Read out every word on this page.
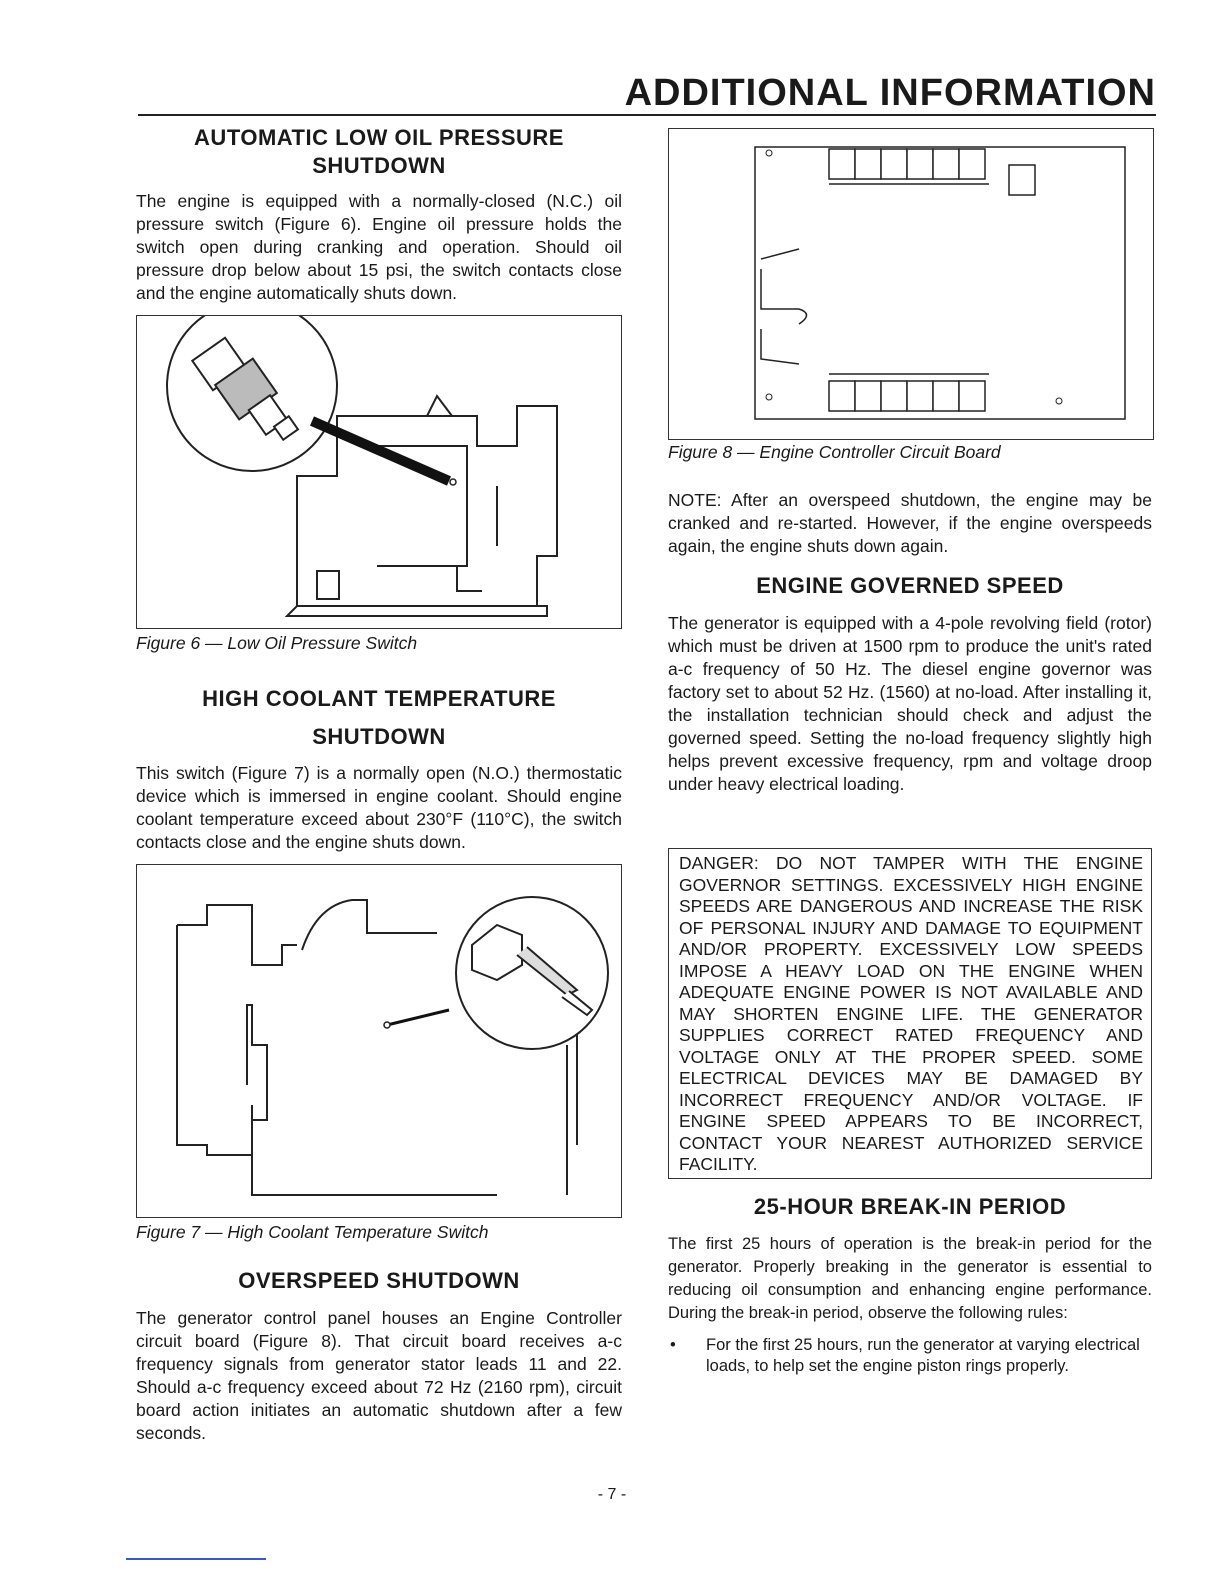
ADDITIONAL INFORMATION
AUTOMATIC LOW OIL PRESSURE
SHUTDOWN

The engine is equipped with a normally-closed (N.C.) oil pressure switch (Figure 6). Engine oil pressure holds the switch open during cranking and operation. Should oil pressure drop below about 15 psi, the switch contacts close and the engine automatically shuts down.

Figure 6 — Low Oil Pressure Switch
HIGH COOLANT TEMPERATURE
SHUTDOWN

This switch (Figure 7) is a normally open (N.O.) thermostatic device which is immersed in engine coolant. Should engine coolant temperature exceed about 230°F (110°C), the switch contacts close and the engine shuts down.

Figure 7 — High Coolant Temperature Switch
OVERSPEED SHUTDOWN

The generator control panel houses an Engine Controller circuit board (Figure 8). That circuit board receives a-c frequency signals from generator stator leads 11 and 22. Should a-c frequency exceed about 72 Hz (2160 rpm), circuit board action initiates an automatic shutdown after a few seconds.

Figure 8 — Engine Controller Circuit Board

NOTE: After an overspeed shutdown, the engine may be cranked and re-started. However, if the engine overspeeds again, the engine shuts down again.

ENGINE GOVERNED SPEED

The generator is equipped with a 4-pole revolving field (rotor) which must be driven at 1500 rpm to produce the unit's rated a-c frequency of 50 Hz. The diesel engine governor was factory set to about 52 Hz. (1560) at no-load. After installing it, the installation technician should check and adjust the governed speed. Setting the no-load frequency slightly high helps prevent excessive frequency, rpm and voltage droop under heavy electrical loading.

DANGER: DO NOT TAMPER WITH THE ENGINE GOVERNOR SETTINGS. EXCESSIVELY HIGH ENGINE SPEEDS ARE DANGEROUS AND INCREASE THE RISK OF PERSONAL INJURY AND DAMAGE TO EQUIPMENT AND/OR PROPERTY. EXCESSIVELY LOW SPEEDS IMPOSE A HEAVY LOAD ON THE ENGINE WHEN ADEQUATE ENGINE POWER IS NOT AVAILABLE AND MAY SHORTEN ENGINE LIFE. THE GENERATOR SUPPLIES CORRECT RATED FREQUENCY AND VOLTAGE ONLY AT THE PROPER SPEED. SOME ELECTRICAL DEVICES MAY BE DAMAGED BY INCORRECT FREQUENCY AND/OR VOLTAGE. IF ENGINE SPEED APPEARS TO BE INCORRECT, CONTACT YOUR NEAREST AUTHORIZED SERVICE FACILITY.
25-HOUR BREAK-IN PERIOD

The first 25 hours of operation is the break-in period for the generator. Properly breaking in the generator is essential to reducing oil consumption and enhancing engine performance. During the break-in period, observe the following rules:

• For the first 25 hours, run the generator at varying electrical loads, to help set the engine piston rings properly.
- 7 -
